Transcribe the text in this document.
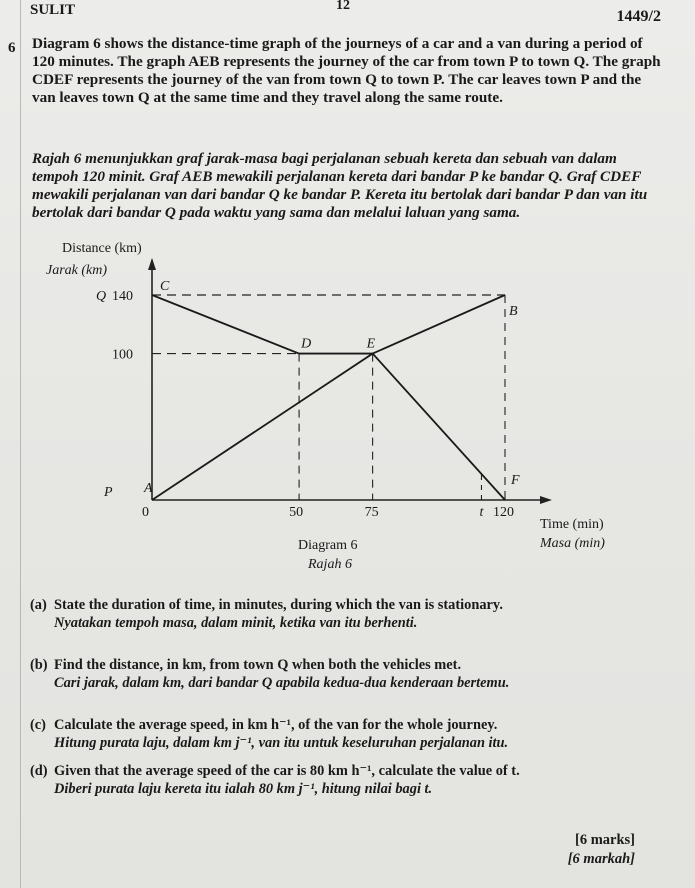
SULIT	12
1449/2
6 Diagram 6 shows the distance-time graph of the journeys of a car and a van during a period of 120 minutes. The graph AEB represents the journey of the car from town P to town Q. The graph CDEF represents the journey of the van from town Q to town P. The car leaves town P and the van leaves town Q at the same time and they travel along the same route.
Rajah 6 menunjukkan graf jarak-masa bagi perjalanan sebuah kereta dan sebuah van dalam tempoh 120 minit. Graf AEB mewakili perjalanan kereta dari bandar P ke bandar Q. Graf CDEF mewakili perjalanan van dari bandar Q ke bandar P. Kereta itu bertolak dari bandar P dan van itu bertolak dari bandar Q pada waktu yang sama dan melalui laluan yang sama.
Distance (km)
Jarak (km)
A
B
C
D	E
F
140
100
0	50	75	t 120
Q
P
Time (min)
Masa (min)
Diagram 6
Rajah 6
(a) State the duration of time, in minutes, during which the van is stationary.
Nyatakan tempoh masa, dalam minit, ketika van itu berhenti.
(b) Find the distance, in km, from town Q when both the vehicles met.
Cari jarak, dalam km, dari bandar Q apabila kedua-dua kenderaan bertemu.
(c) Calculate the average speed, in km h⁻¹, of the van for the whole journey.
Hitung purata laju, dalam km j⁻¹, van itu untuk keseluruhan perjalanan itu.
(d) Given that the average speed of the car is 80 km h⁻¹, calculate the value of t.
Diberi purata laju kereta itu ialah 80 km j⁻¹, hitung nilai bagi t.
[6 marks]
[6 markah]
